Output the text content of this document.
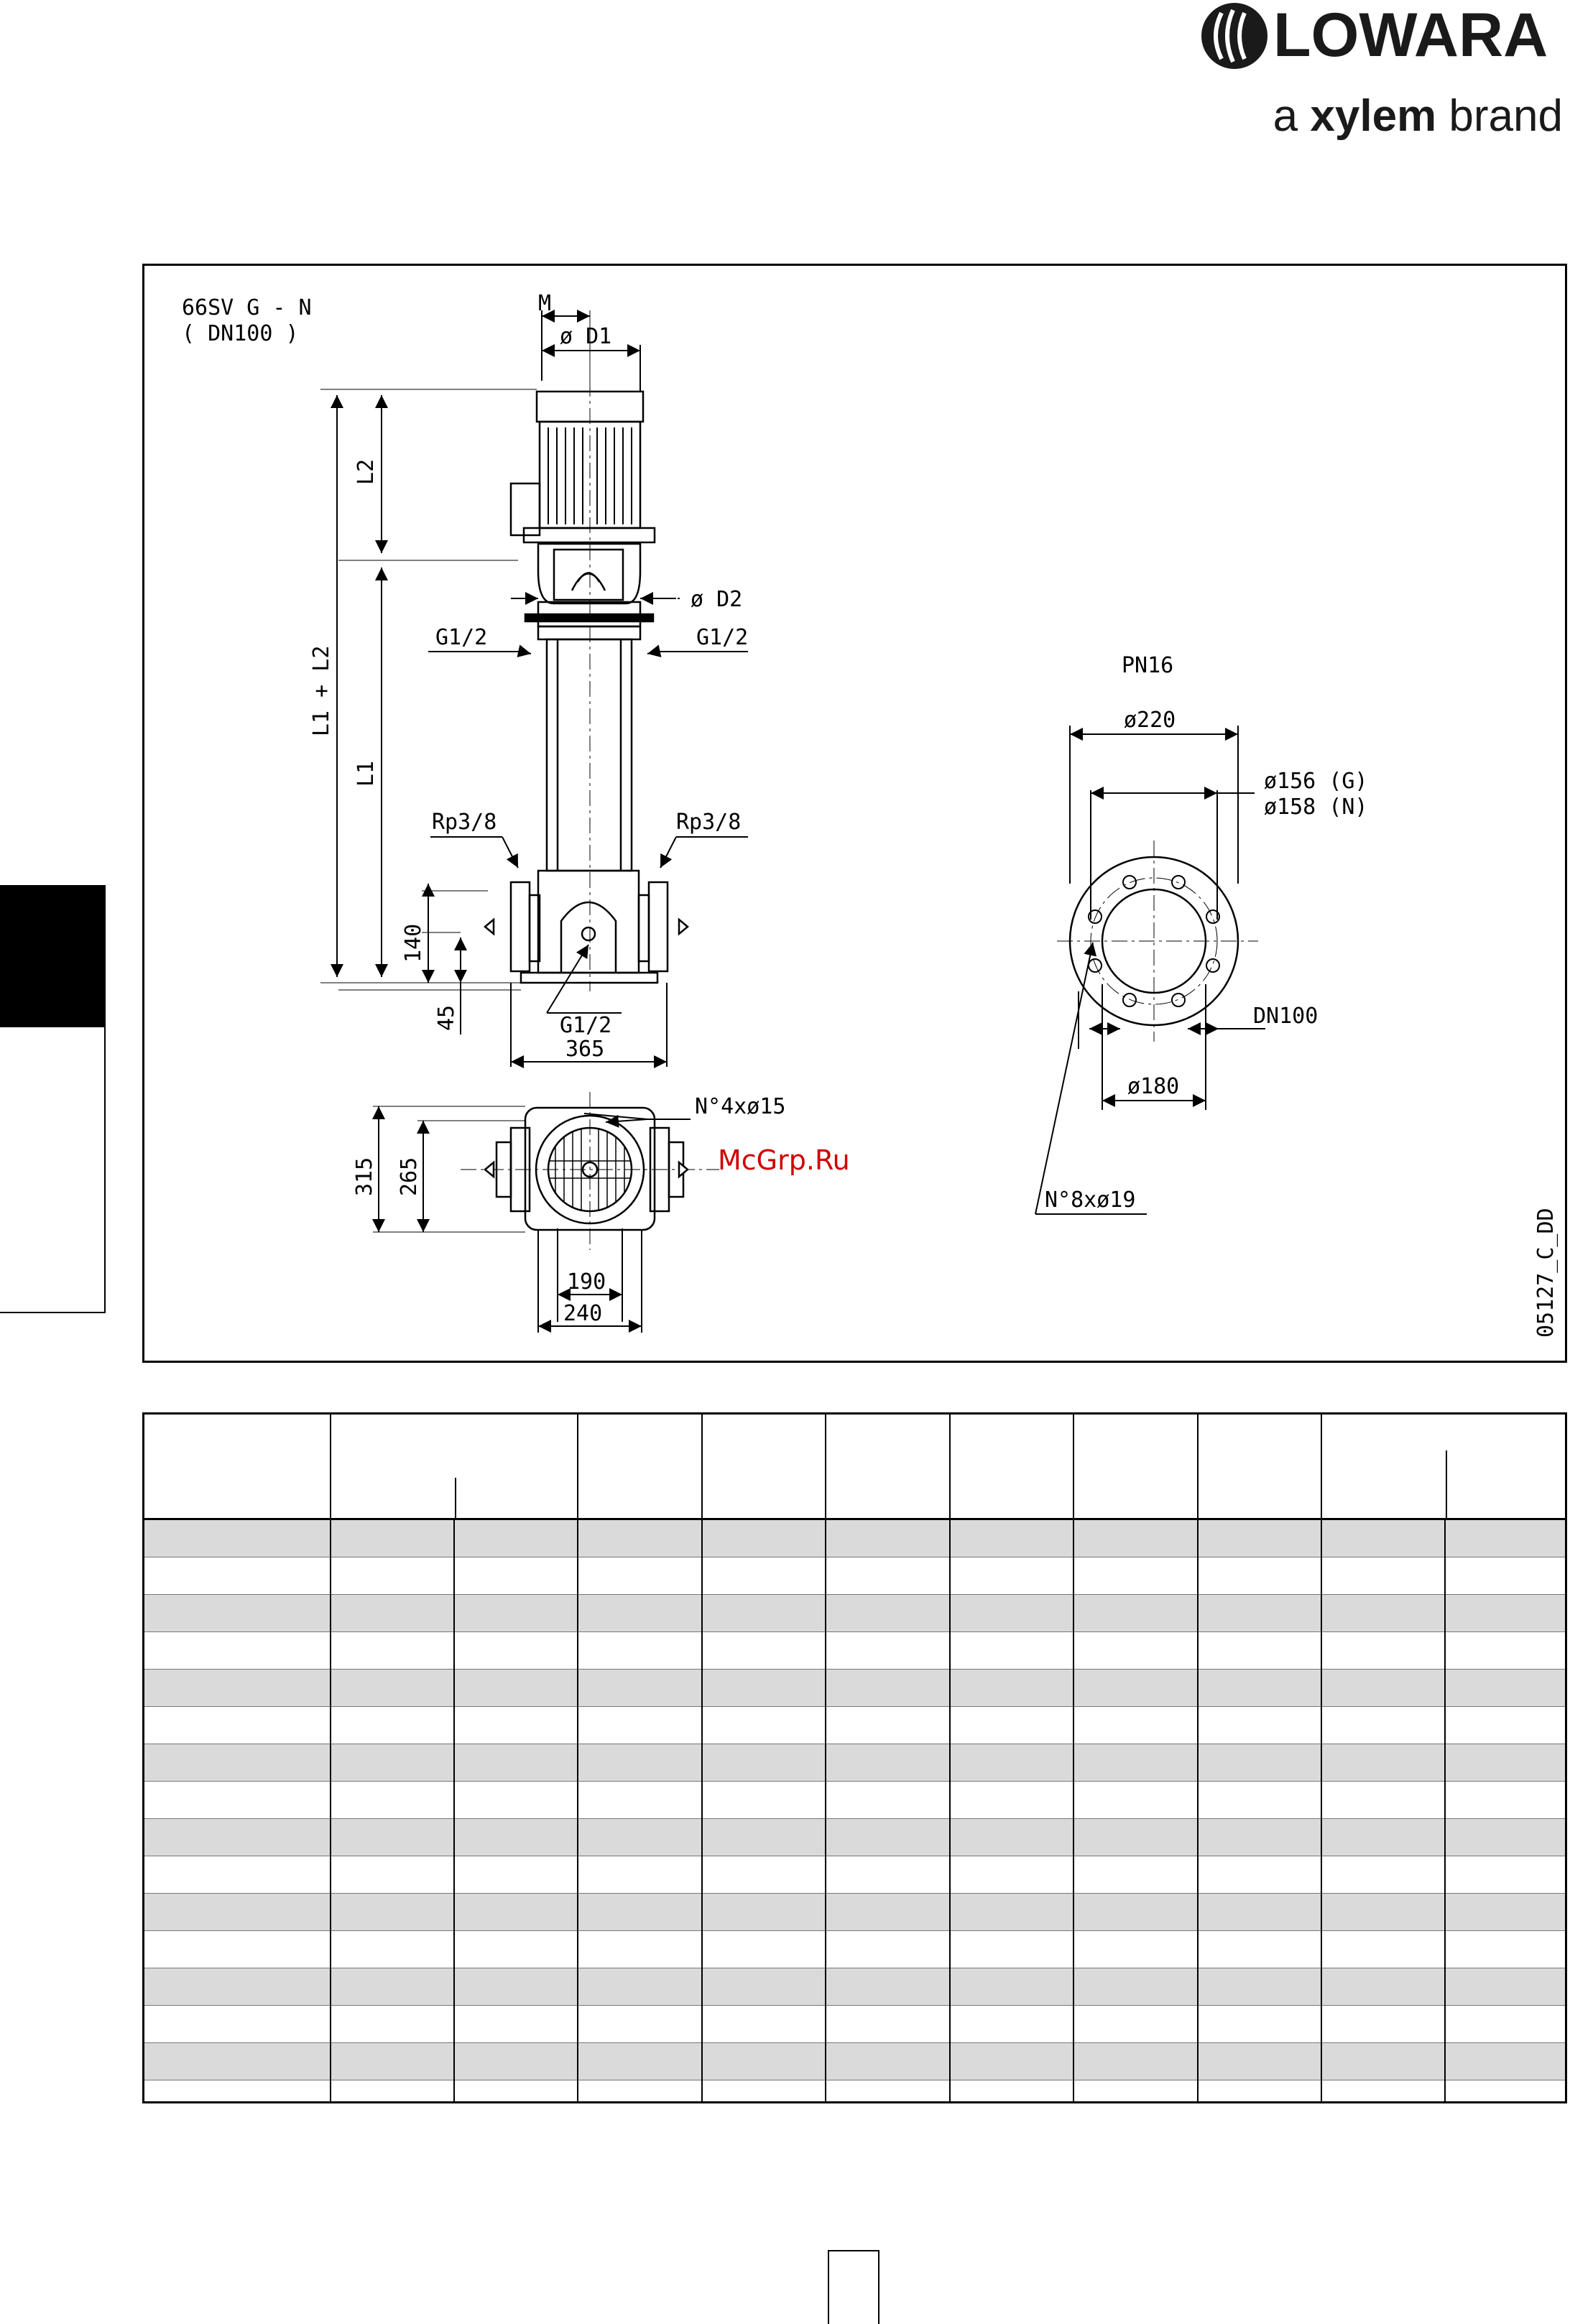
LOWARA
a xylem brand
66SV G - N
( DN100 )
M
ø D1
L2
L1 + L2
L1
ø D2
G1/2	G1/2
Rp3/8	Rp3/8
140
45	G1/2
365
315 265
190
240
N°4xø15
McGrp.Ru
PN16
ø220
ø156 (G)
ø158 (N)
DN100
ø180
N°8xø19
05127_C_DD
